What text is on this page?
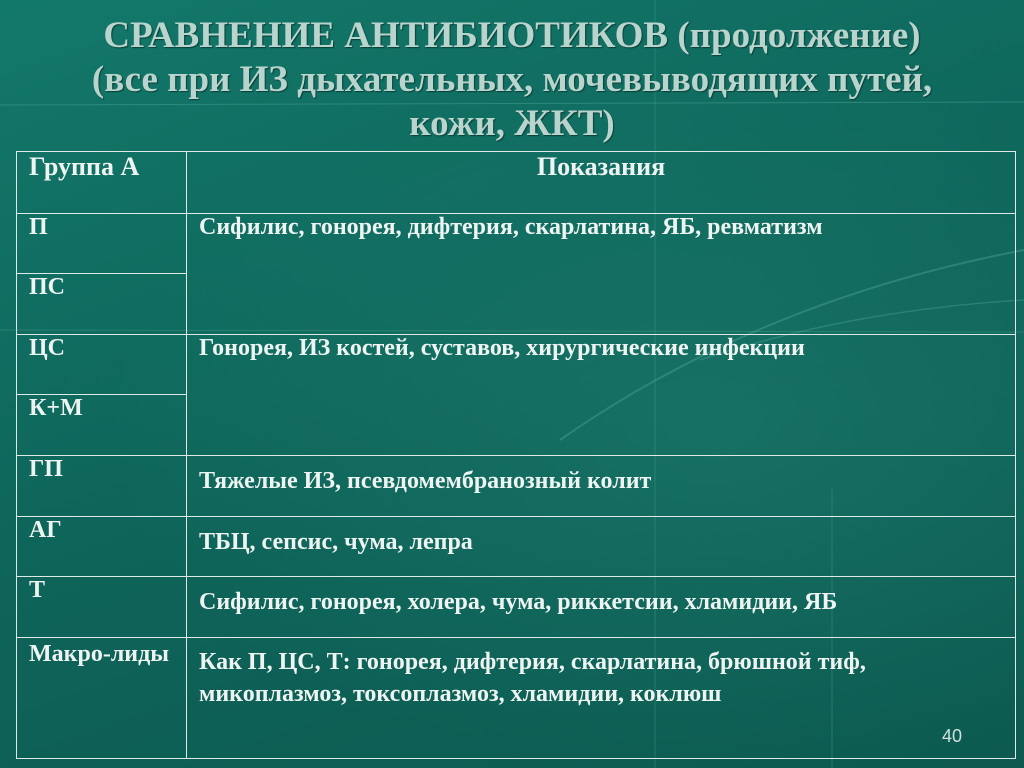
СРАВНЕНИЕ АНТИБИОТИКОВ (продолжение)
(все при ИЗ дыхательных, мочевыводящих путей,
кожи, ЖКТ)
Группа А	Показания
П	Сифилис, гонорея, дифтерия, скарлатина, ЯБ, ревматизм
ПС	
ЦС	Гонорея, ИЗ костей, суставов, хирургические инфекции
К+М	
ГП	Тяжелые ИЗ, псевдомембранозный колит
АГ	ТБЦ, сепсис, чума, лепра
Т	Сифилис, гонорея, холера, чума, риккетсии, хламидии, ЯБ
Макро-лиды	Как П, ЦС, Т: гонорея, дифтерия, скарлатина, брюшной тиф, микоплазмоз, токсоплазмоз, хламидии, коклюш
40
